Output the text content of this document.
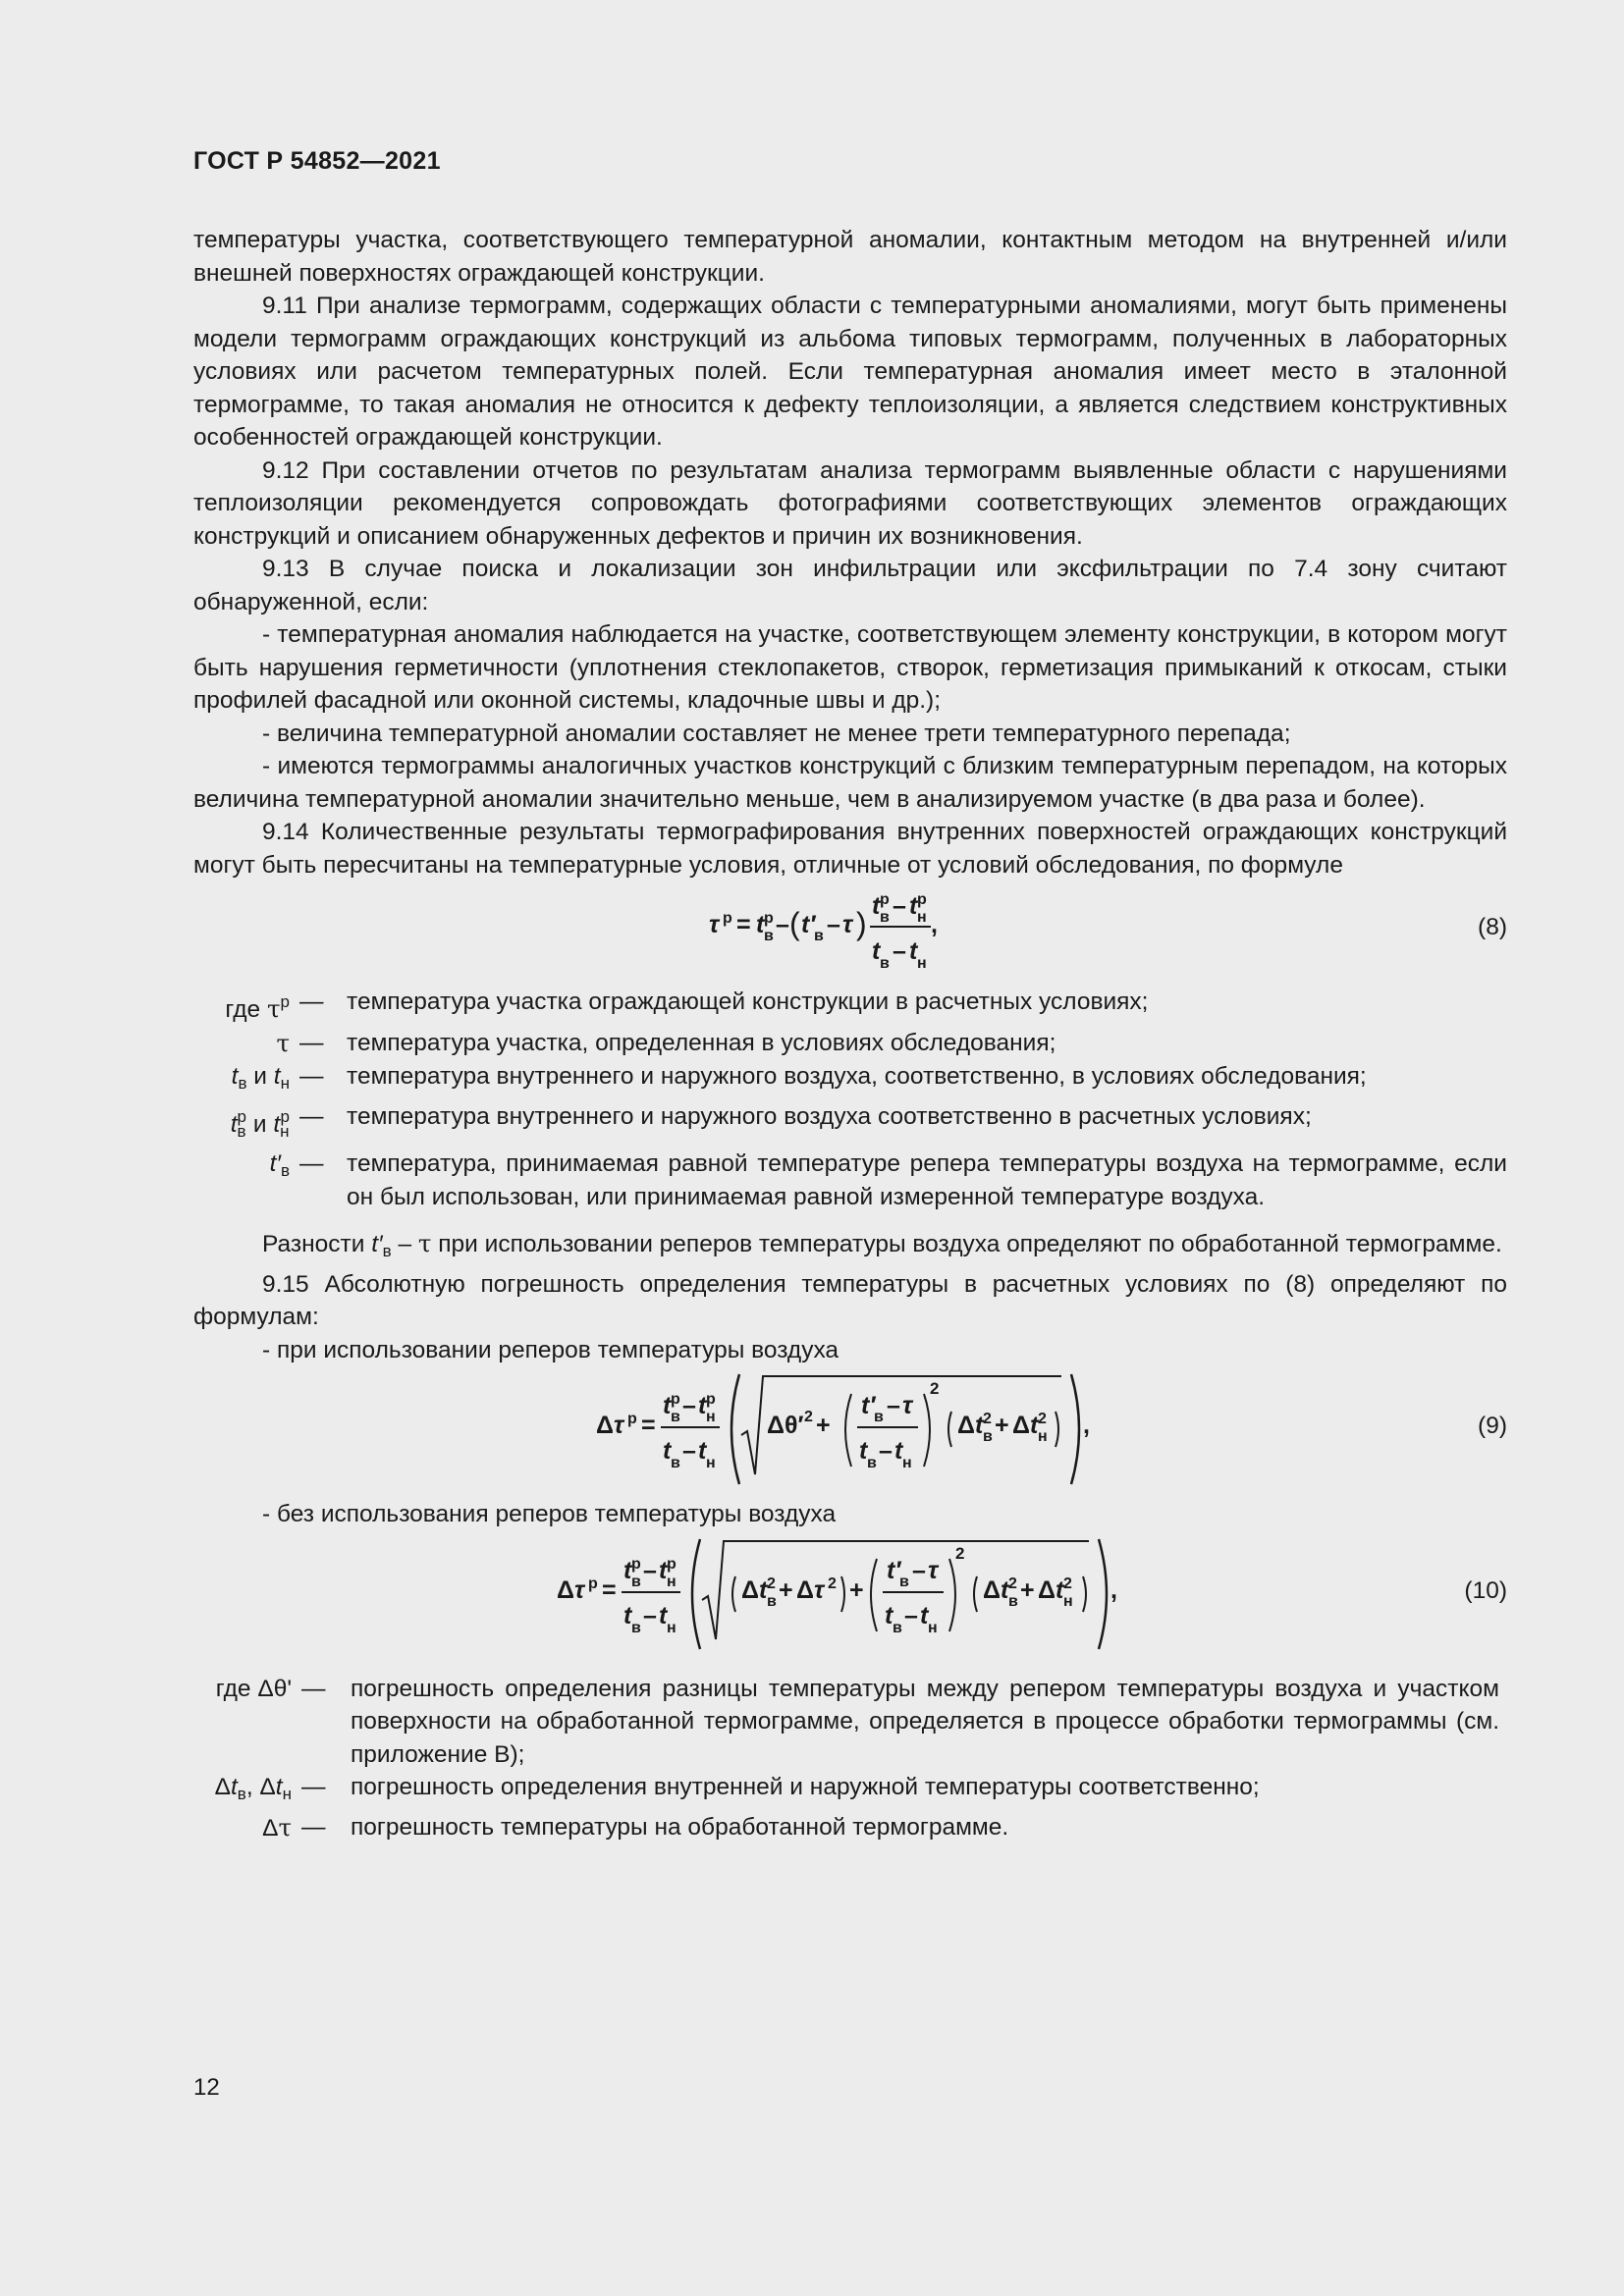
ГОСТ Р 54852—2021

температуры участка, соответствующего температурной аномалии, контактным методом на внутренней и/или внешней поверхностях ограждающей конструкции.

9.11 При анализе термограмм, содержащих области с температурными аномалиями, могут быть применены модели термограмм ограждающих конструкций из альбома типовых термограмм, полученных в лабораторных условиях или расчетом температурных полей. Если температурная аномалия имеет место в эталонной термограмме, то такая аномалия не относится к дефекту теплоизоляции, а является следствием конструктивных особенностей ограждающей конструкции.

9.12 При составлении отчетов по результатам анализа термограмм выявленные области с нарушениями теплоизоляции рекомендуется сопровождать фотографиями соответствующих элементов ограждающих конструкций и описанием обнаруженных дефектов и причин их возникновения.

9.13 В случае поиска и локализации зон инфильтрации или эксфильтрации по 7.4 зону считают обнаруженной, если:

- температурная аномалия наблюдается на участке, соответствующем элементу конструкции, в котором могут быть нарушения герметичности (уплотнения стеклопакетов, створок, герметизация примыканий к откосам, стыки профилей фасадной или оконной системы, кладочные швы и др.);

- величина температурной аномалии составляет не менее трети температурного перепада;

- имеются термограммы аналогичных участков конструкций с близким температурным перепадом, на которых величина температурной аномалии значительно меньше, чем в анализируемом участке (в два раза и более).

9.14 Количественные результаты термографирования внутренних поверхностей ограждающих конструкций могут быть пересчитаны на температурные условия, отличные от условий обследования, по формуле

τ р = t р
в – ( t′
в – τ ) t р
в – t р
н
t в – t н
,	(8)
где $\tau^р$ — температура участка ограждающей конструкции в расчетных условиях;
τ — температура участка, определенная в условиях обследования;
$t_в$ и $t_н$ — температура внутреннего и наружного воздуха, соответственно, в условиях обследования;
$t_в^р$ и $t_н^р$ — температура внутреннего и наружного воздуха соответственно в расчетных условиях;
$t'_в$ — температура, принимаемая равной температуре репера температуры воздуха на термограмме, если он был использован, или принимаемая равной измеренной температуре воздуха.

Разности $t'_в$ – τ при использовании реперов температуры воздуха определяют по обработанной термограмме.

9.15 Абсолютную погрешность определения температуры в расчетных условиях по (8) определяют по формулам:

- при использовании реперов температуры воздуха

Δ τ р =
t р
в – t р
н
t в – t н
Δθ′ 2 +
t′
в – τ
t в – t н
2
Δ t 2
в + Δ t 2
н ,	(9)

- без использования реперов температуры воздуха

Δ τ р =
t р
в – t р
н
t в – t н
Δ t 2
в + Δ τ 2 +
t′
в – τ
t в – t н
2
Δ t 2
в + Δ t 2
н ,	(10)
где Δθ' —	погрешность определения разницы температуры между репером температуры воздуха и участком поверхности на обработанной термограмме, определяется в процессе обработки термограммы (см. приложение В);
$\Delta t_в$, $\Delta t_н$ —	погрешность определения внутренней и наружной температуры соответственно;
Δτ —	погрешность температуры на обработанной термограмме.
12
